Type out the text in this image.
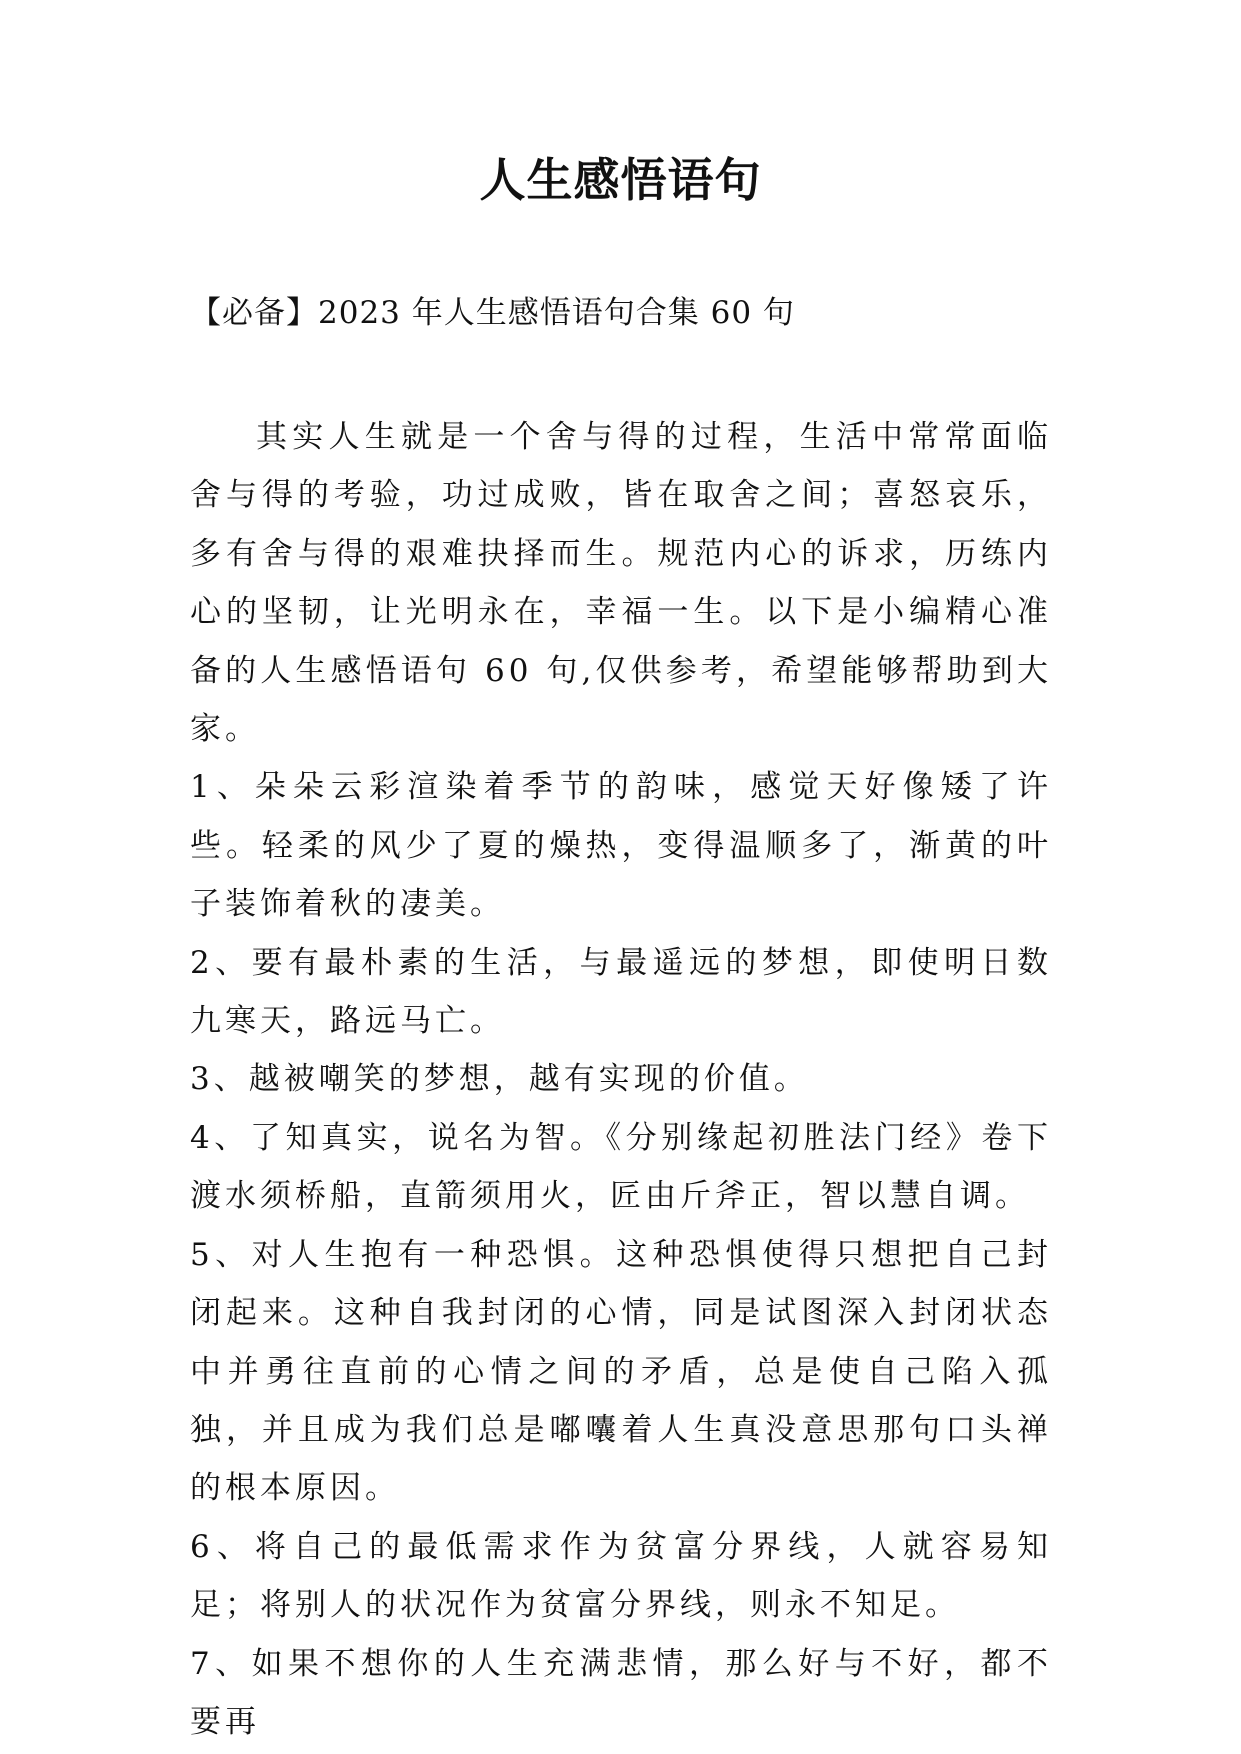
人生感悟语句

【必备】2023 年人生感悟语句合集 60 句

其实人生就是一个舍与得的过程，生活中常常面临舍与得的考验，功过成败，皆在取舍之间；喜怒哀乐，多有舍与得的艰难抉择而生。规范内心的诉求，历练内心的坚韧，让光明永在，幸福一生。以下是小编精心准备的人生感悟语句 60 句,仅供参考，希望能够帮助到大家。

1、朵朵云彩渲染着季节的韵味，感觉天好像矮了许些。轻柔的风少了夏的燥热，变得温顺多了，渐黄的叶子装饰着秋的凄美。

2、要有最朴素的生活，与最遥远的梦想，即使明日数九寒天，路远马亡。

3、越被嘲笑的梦想，越有实现的价值。

4、了知真实，说名为智。《分别缘起初胜法门经》卷下渡水须桥船，直箭须用火，匠由斤斧正，智以慧自调。

5、对人生抱有一种恐惧。这种恐惧使得只想把自己封闭起来。这种自我封闭的心情，同是试图深入封闭状态中并勇往直前的心情之间的矛盾，总是使自己陷入孤独，并且成为我们总是嘟囔着人生真没意思那句口头禅的根本原因。

6、将自己的最低需求作为贫富分界线，人就容易知足；将别人的状况作为贫富分界线，则永不知足。

7、如果不想你的人生充满悲情，那么好与不好，都不要再
